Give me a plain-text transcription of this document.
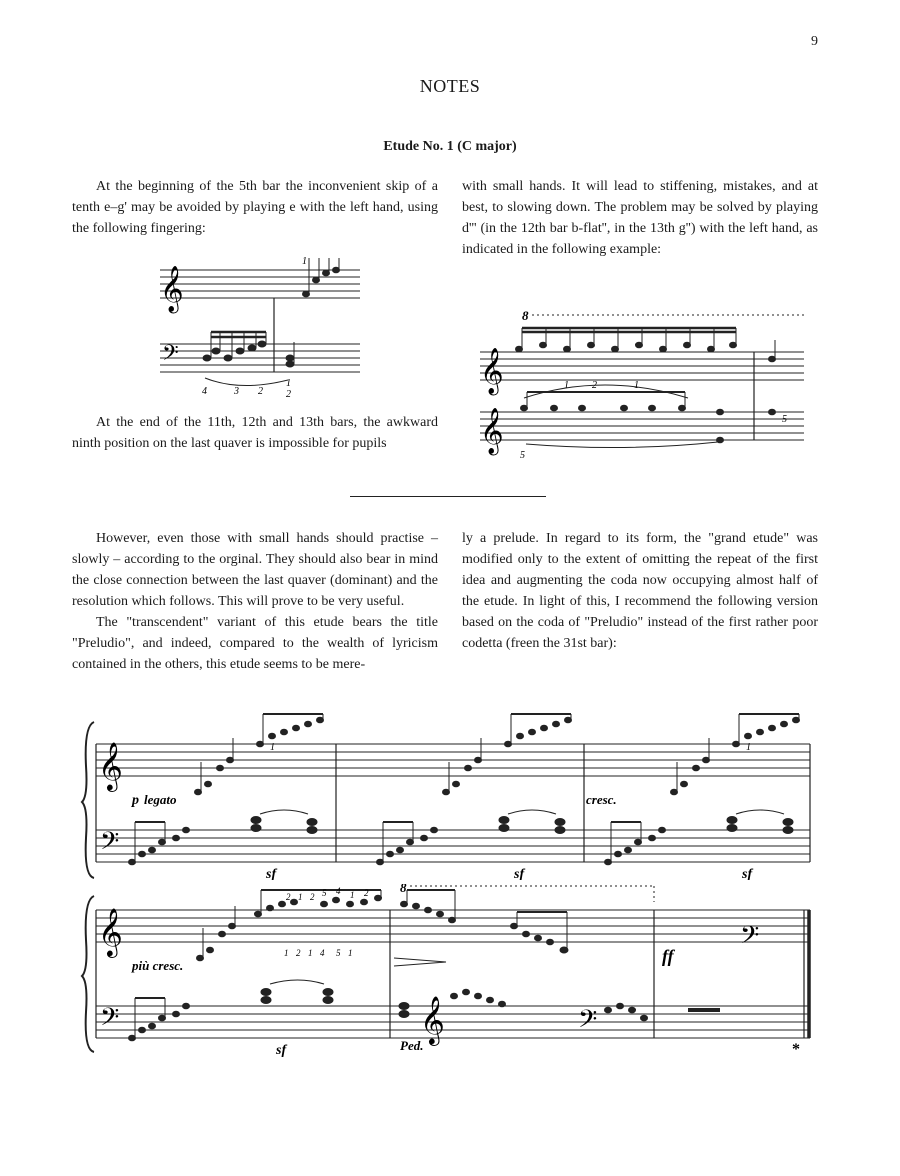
9
NOTES
Etude No. 1 (C major)

At the beginning of the 5th bar the inconvenient skip of a tenth e–g' may be avoided by playing e with the left hand, using the following fingering:

At the end of the 11th, 12th and 13th bars, the awkward ninth position on the last quaver is impossible for pupils

with small hands. It will lead to stiffening, mistakes, and at best, to slowing down. The problem may be solved by playing d''' (in the 12th bar b-flat'', in the 13th g'') with the left hand, as indicated in the following example:

𝄞
𝄢
1
4	3 2
1
2
8
𝄞
𝄞
1 2	1
5
5

However, even those with small hands should practise – slowly – according to the orginal. They should also bear in mind the close connection between the last quaver (dominant) and the resolution which follows. This will prove to be very useful.

The "transcendent" variant of this etude bears the title "Preludio", and indeed, compared to the wealth of lyricism contained in the others, this etude seems to be mere-

ly a prelude. In regard to its form, the "grand etude" was modified only to the extent of omitting the repeat of the first idea and augmenting the coda now occupying almost half of the etude. In light of this, I recommend the following version based on the coda of "Preludio" instead of the first rather poor codetta (freen the 31st bar):

𝄞
𝄢
p legato	cresc.
sf	sf	sf
1	1
𝄞
𝄢
𝄢
𝄞	𝄢
8
più cresc.
sf
ff
Ped.	*
2 1 2 5 4 1 2
1 2 1 4 5 1
